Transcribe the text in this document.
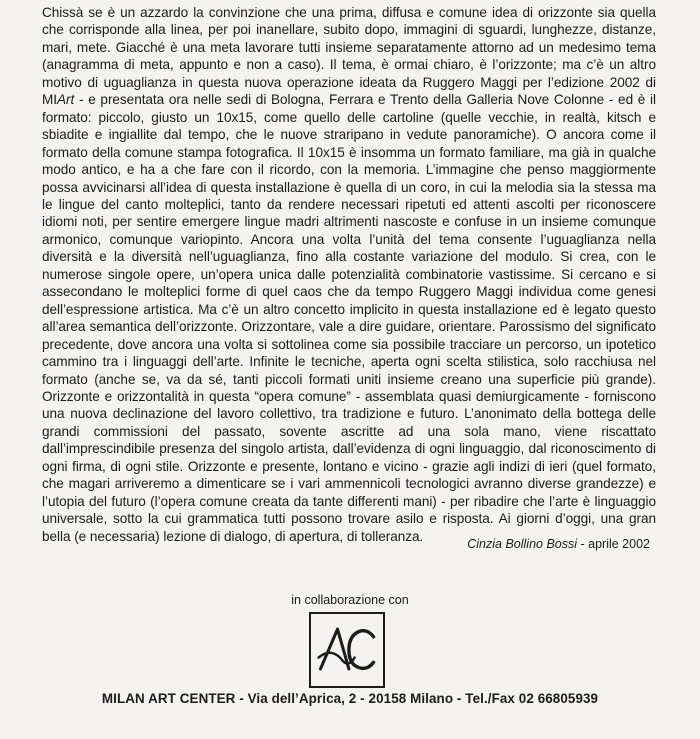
Chissà se è un azzardo la convinzione che una prima, diffusa e comune idea di orizzonte sia quella che corrisponde alla linea, per poi inanellare, subito dopo, immagini di sguardi, lunghezze, distanze, mari, mete. Giacché è una meta lavorare tutti insieme separatamente attorno ad un medesimo tema (anagramma di meta, appunto e non a caso). Il tema, è ormai chiaro, è l’orizzonte; ma c’è un altro motivo di uguaglianza in questa nuova operazione ideata da Ruggero Maggi per l’edizione 2002 di MIArt - e presentata ora nelle sedi di Bologna, Ferrara e Trento della Galleria Nove Colonne - ed è il formato: piccolo, giusto un 10x15, come quello delle cartoline (quelle vecchie, in realtà, kitsch e sbiadite e ingiallite dal tempo, che le nuove straripano in vedute panoramiche). O ancora come il formato della comune stampa fotografica. Il 10x15 è insomma un formato familiare, ma già in qualche modo antico, e ha a che fare con il ricordo, con la memoria. L’immagine che penso maggiormente possa avvicinarsi all’idea di questa installazione è quella di un coro, in cui la melodia sia la stessa ma le lingue del canto molteplici, tanto da rendere necessari ripetuti ed attenti ascolti per riconoscere idiomi noti, per sentire emergere lingue madri altrimenti nascoste e confuse in un insieme comunque armonico, comunque variopinto. Ancora una volta l’unità del tema consente l’uguaglianza nella diversità e la diversità nell’uguaglianza, fino alla costante variazione del modulo. Si crea, con le numerose singole opere, un’opera unica dalle potenzialità combinatorie vastissime. Si cercano e si assecondano le molteplici forme di quel caos che da tempo Ruggero Maggi individua come genesi dell’espressione artistica. Ma c’è un altro concetto implicito in questa installazione ed è legato questo all’area semantica dell’orizzonte. Orizzontare, vale a dire guidare, orientare. Parossismo del significato precedente, dove ancora una volta si sottolinea come sia possibile tracciare un percorso, un ipotetico cammino tra i linguaggi dell’arte. Infinite le tecniche, aperta ogni scelta stilistica, solo racchiusa nel formato (anche se, va da sé, tanti piccoli formati uniti insieme creano una superficie più grande). Orizzonte e orizzontalità in questa “opera comune” - assemblata quasi demiurgicamente - forniscono una nuova declinazione del lavoro collettivo, tra tradizione e futuro. L’anonimato della bottega delle grandi commissioni del passato, sovente ascritte ad una sola mano, viene riscattato dall’imprescindibile presenza del singolo artista, dall’evidenza di ogni linguaggio, dal riconoscimento di ogni firma, di ogni stile. Orizzonte e presente, lontano e vicino - grazie agli indizi di ieri (quel formato, che magari arriveremo a dimenticare se i vari ammennicoli tecnologici avranno diverse grandezze) e l’utopia del futuro (l’opera comune creata da tante differenti mani) - per ribadire che l’arte è linguaggio universale, sotto la cui grammatica tutti possono trovare asilo e risposta. Ai giorni d’oggi, una gran bella (e necessaria) lezione di dialogo, di apertura, di tolleranza.

Cinzia Bollino Bossi - aprile 2002

in collaborazione con

MILAN ART CENTER - Via dell’Aprica, 2 - 20158 Milano - Tel./Fax 02 66805939
